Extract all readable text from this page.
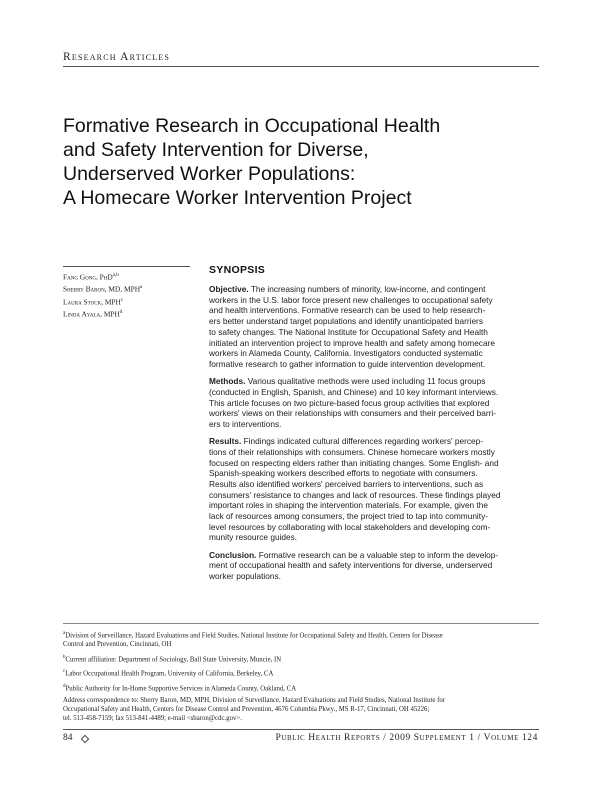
Research Articles
Formative Research in Occupational Health
and Safety Intervention for Diverse,
Underserved Worker Populations:
A Homecare Worker Intervention Project
Fang Gong, PhD$^{a,b}$
Sherry Baron, MD, MPH$^a$
Laura Stock, MPH$^c$
Linda Ayala, MPH$^d$
SYNOPSIS
Objective. The increasing numbers of minority, low-income, and contingent
workers in the U.S. labor force present new challenges to occupational safety
and health interventions. Formative research can be used to help research-
ers better understand target populations and identify unanticipated barriers
to safety changes. The National Institute for Occupational Safety and Health
initiated an intervention project to improve health and safety among homecare
workers in Alameda County, California. Investigators conducted systematic
formative research to gather information to guide intervention development.
Methods. Various qualitative methods were used including 11 focus groups
(conducted in English, Spanish, and Chinese) and 10 key informant interviews.
This article focuses on two picture-based focus group activities that explored
workers' views on their relationships with consumers and their perceived barri-
ers to interventions.
Results. Findings indicated cultural differences regarding workers' percep-
tions of their relationships with consumers. Chinese homecare workers mostly
focused on respecting elders rather than initiating changes. Some English- and
Spanish-speaking workers described efforts to negotiate with consumers.
Results also identified workers' perceived barriers to interventions, such as
consumers' resistance to changes and lack of resources. These findings played
important roles in shaping the intervention materials. For example, given the
lack of resources among consumers, the project tried to tap into community-
level resources by collaborating with local stakeholders and developing com-
munity resource guides.
Conclusion. Formative research can be a valuable step to inform the develop-
ment of occupational health and safety interventions for diverse, underserved
worker populations.
$^a$Division of Surveillance, Hazard Evaluations and Field Studies, National Institute for Occupational Safety and Health, Centers for Disease
Control and Prevention, Cincinnati, OH
$^b$Current affiliation: Department of Sociology, Ball State University, Muncie, IN
$^c$Labor Occupational Health Program, University of California, Berkeley, CA
$^d$Public Authority for In-Home Supportive Services in Alameda County, Oakland, CA
Address correspondence to: Sherry Baron, MD, MPH, Division of Surveillance, Hazard Evaluations and Field Studies, National Institute for
Occupational Safety and Health, Centers for Disease Control and Prevention, 4676 Columbia Pkwy., MS R-17, Cincinnati, OH 45226;
tel. 513-458-7159; fax 513-841-4489; e-mail <sbaron@cdc.gov>.
84	Public Health Reports / 2009 Supplement 1 / Volume 124
